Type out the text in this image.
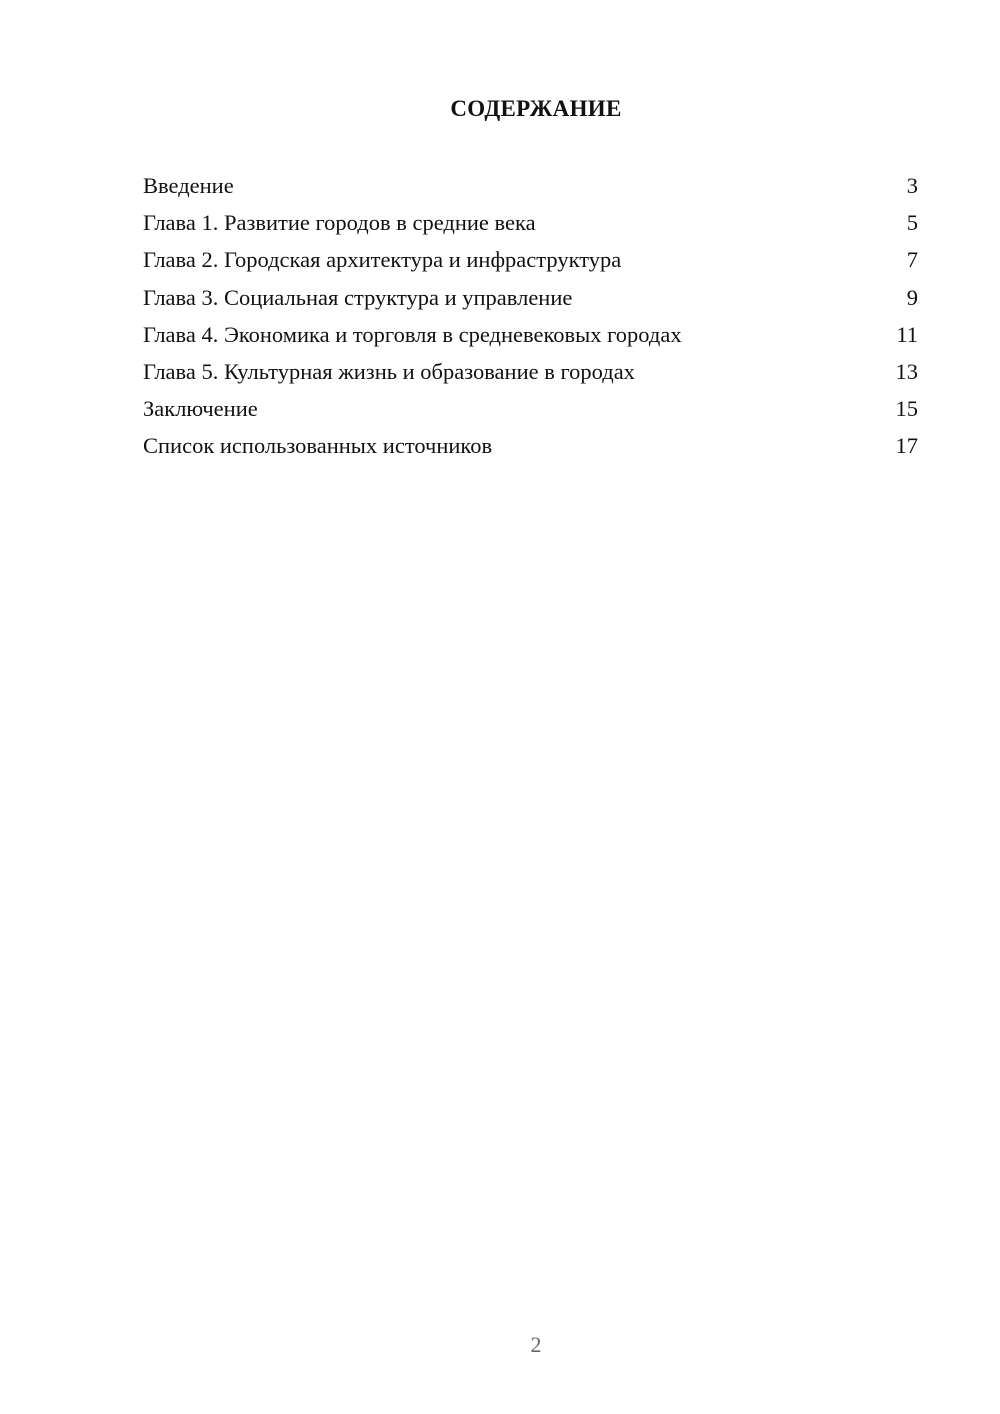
СОДЕРЖАНИЕ
Введение	3
Глава 1. Развитие городов в средние века	5
Глава 2. Городская архитектура и инфраструктура	7
Глава 3. Социальная структура и управление	9
Глава 4. Экономика и торговля в средневековых городах	11
Глава 5. Культурная жизнь и образование в городах	13
Заключение	15
Список использованных источников	17
2
